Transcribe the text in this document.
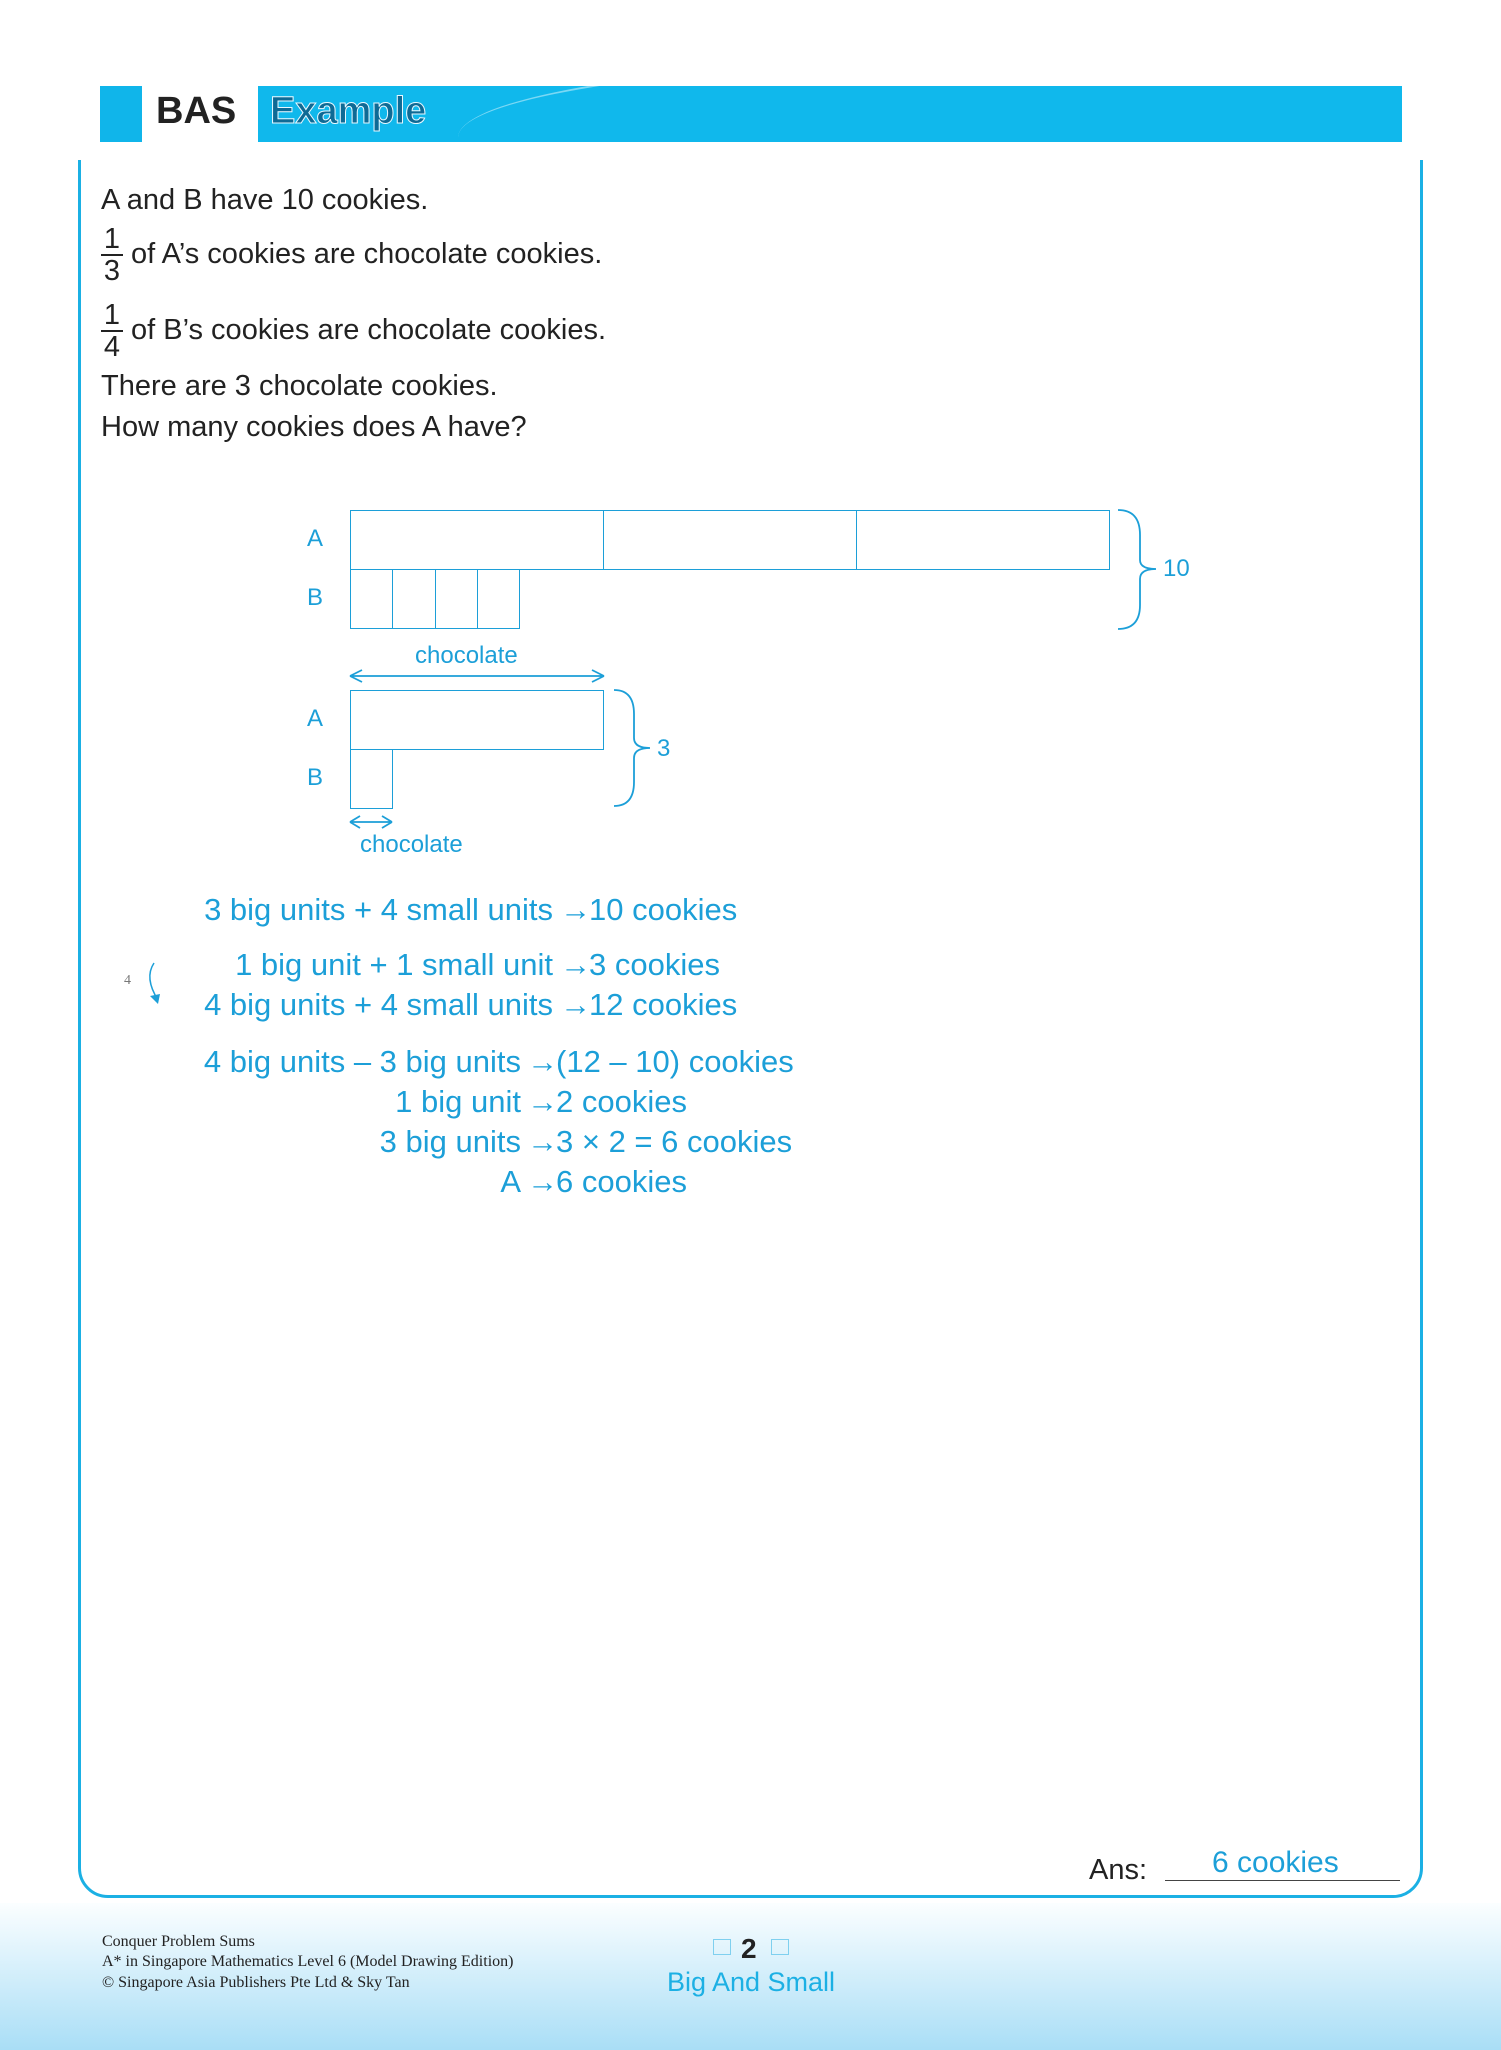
BAS Example
A and B have 10 cookies.
$\frac{1}{3}$ of A’s cookies are chocolate cookies.
$\frac{1}{4}$ of B’s cookies are chocolate cookies.
There are 3 chocolate cookies.
How many cookies does A have?
A
B
10
chocolate
A
B
3
chocolate
4
3 big units + 4 small units →
10 cookies
1 big unit + 1 small unit →
3 cookies
4 big units + 4 small units →
12 cookies
4 big units – 3 big units →
(12 – 10) cookies
1 big unit →
2 cookies
3 big units →
3 × 2 = 6 cookies
A →
6 cookies
Ans: 6 cookies
Conquer Problem Sums
A* in Singapore Mathematics Level 6 (Model Drawing Edition)
© Singapore Asia Publishers Pte Ltd & Sky Tan
2
Big And Small
